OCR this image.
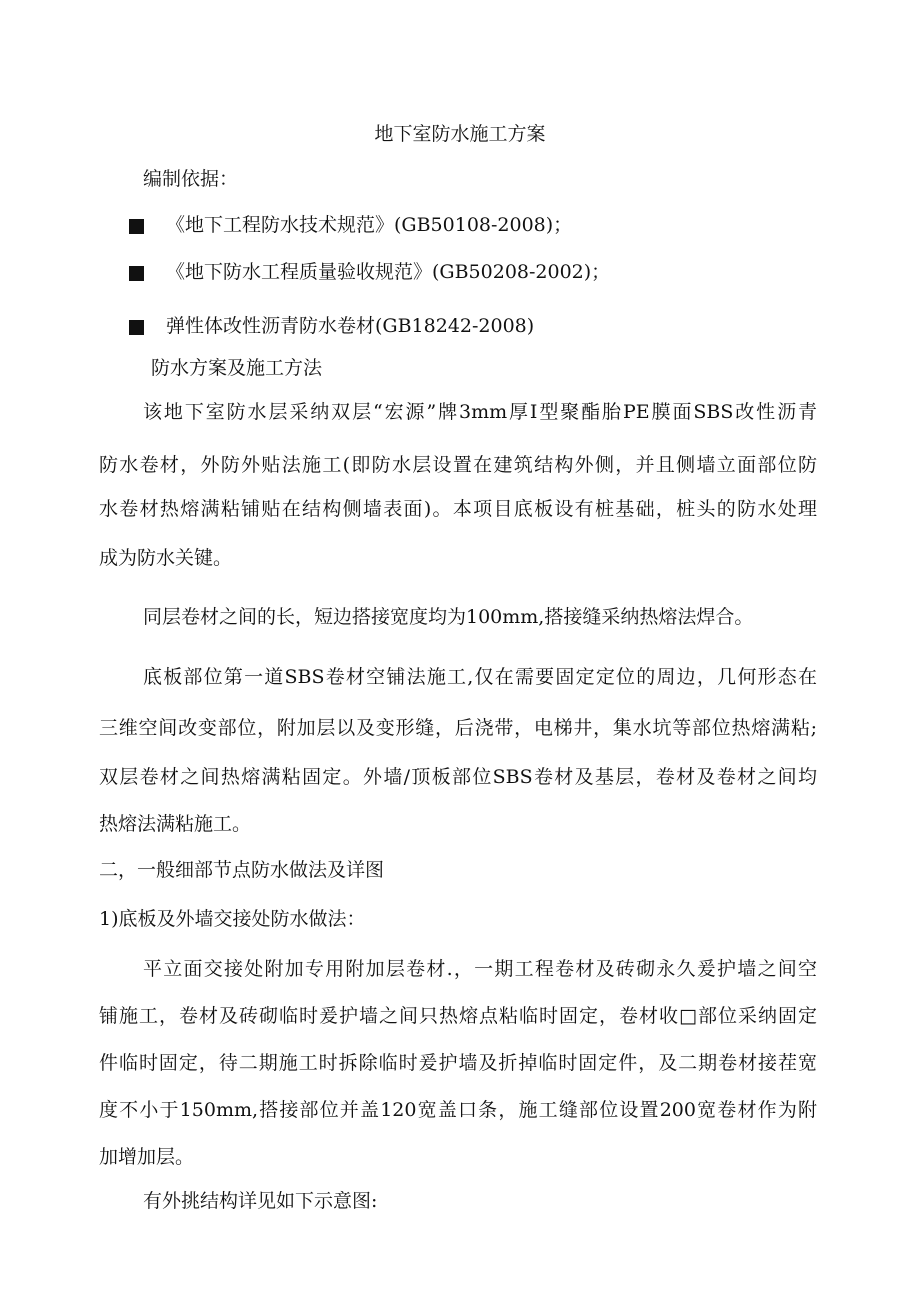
地下室防水施工方案

编制依据：

《地下工程防水技术规范》(GB50108-2008)；

《地下防水工程质量验收规范》(GB50208-2002)；

弹性体改性沥青防水卷材(GB18242-2008)

防水方案及施工方法

该地下室防水层采纳双层“宏源”牌3mm厚I型聚酯胎PE膜面SBS改性沥青
防水卷材，外防外贴法施工(即防水层设置在建筑结构外侧，并且侧墙立面部位防
水卷材热熔满粘铺贴在结构侧墙表面)。本项目底板设有桩基础，桩头的防水处理

成为防水关键。

同层卷材之间的长，短边搭接宽度均为100mm,搭接缝采纳热熔法焊合。

底板部位第一道SBS卷材空铺法施工,仅在需要固定定位的周边，几何形态在
三维空间改变部位，附加层以及变形缝，后浇带，电梯井，集水坑等部位热熔满粘;
双层卷材之间热熔满粘固定。外墙/顶板部位SBS卷材及基层，卷材及卷材之间均

热熔法满粘施工。

二，一般细部节点防水做法及详图

1)底板及外墙交接处防水做法：

平立面交接处附加专用附加层卷材.，一期工程卷材及砖砌永久爰护墙之间空
铺施工，卷材及砖砌临时爰护墙之间只热熔点粘临时固定，卷材收□部位采纳固定
件临时固定，待二期施工时拆除临时爰护墙及折掉临时固定件，及二期卷材接茬宽
度不小于150mm,搭接部位并盖120宽盖口条，施工缝部位设置200宽卷材作为附

加增加层。

有外挑结构详见如下示意图:
